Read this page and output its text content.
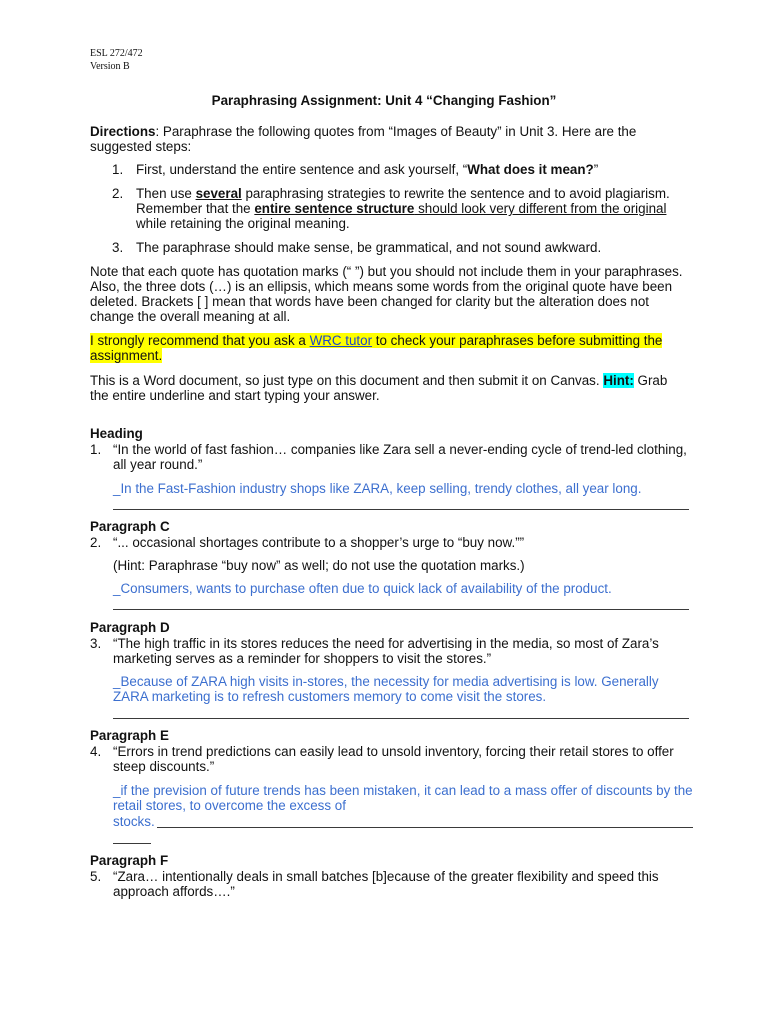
ESL 272/472
Version B
Paraphrasing Assignment: Unit 4 “Changing Fashion”
Directions: Paraphrase the following quotes from “Images of Beauty” in Unit 3. Here are the suggested steps:
1. First, understand the entire sentence and ask yourself, “What does it mean?”
2. Then use several paraphrasing strategies to rewrite the sentence and to avoid plagiarism. Remember that the entire sentence structure should look very different from the original while retaining the original meaning.
3. The paraphrase should make sense, be grammatical, and not sound awkward.
Note that each quote has quotation marks (“ ”) but you should not include them in your paraphrases. Also, the three dots (…) is an ellipsis, which means some words from the original quote have been deleted. Brackets [ ] mean that words have been changed for clarity but the alteration does not change the overall meaning at all.
I strongly recommend that you ask a WRC tutor to check your paraphrases before submitting the assignment.
This is a Word document, so just type on this document and then submit it on Canvas. Hint: Grab the entire underline and start typing your answer.
Heading
1. “In the world of fast fashion… companies like Zara sell a never-ending cycle of trend-led clothing, all year round.”
_In the Fast-Fashion industry shops like ZARA, keep selling, trendy clothes, all year long.
Paragraph C
2. “... occasional shortages contribute to a shopper’s urge to “buy now.””
(Hint: Paraphrase “buy now” as well; do not use the quotation marks.)
_Consumers, wants to purchase often due to quick lack of availability of the product.
Paragraph D
3. “The high traffic in its stores reduces the need for advertising in the media, so most of Zara’s marketing serves as a reminder for shoppers to visit the stores.”
_Because of ZARA high visits in-stores, the necessity for media advertising is low. Generally ZARA marketing is to refresh customers memory to come visit the stores.
Paragraph E
4. “Errors in trend predictions can easily lead to unsold inventory, forcing their retail stores to offer steep discounts.”
_if the prevision of future trends has been mistaken, it can lead to a mass offer of discounts by the retail stores, to overcome the excess of
stocks.
Paragraph F
5. “Zara… intentionally deals in small batches [b]ecause of the greater flexibility and speed this approach affords….”
